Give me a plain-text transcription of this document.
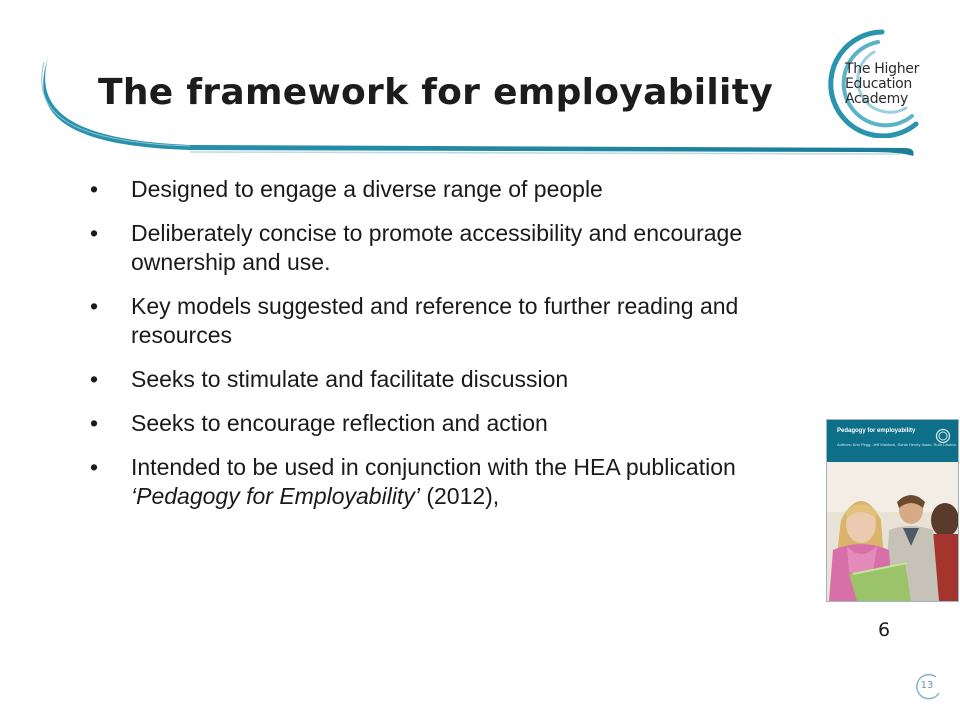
The framework for employability
The Higher
Education
Academy
• Designed to engage a diverse range of people
• Deliberately concise to promote accessibility and encourage ownership and use.
• Key models suggested and reference to further reading and resources
• Seeks to stimulate and facilitate discussion
• Seeks to encourage reflection and action
• Intended to be used in conjunction with the HEA publication ‘Pedagogy for Employability’ (2012),
Pedagogy for employability
Authors: Ann Pegg, Jeff Waldock, Sonia Hendy-Isaac, Ruth Lawton
6
13
